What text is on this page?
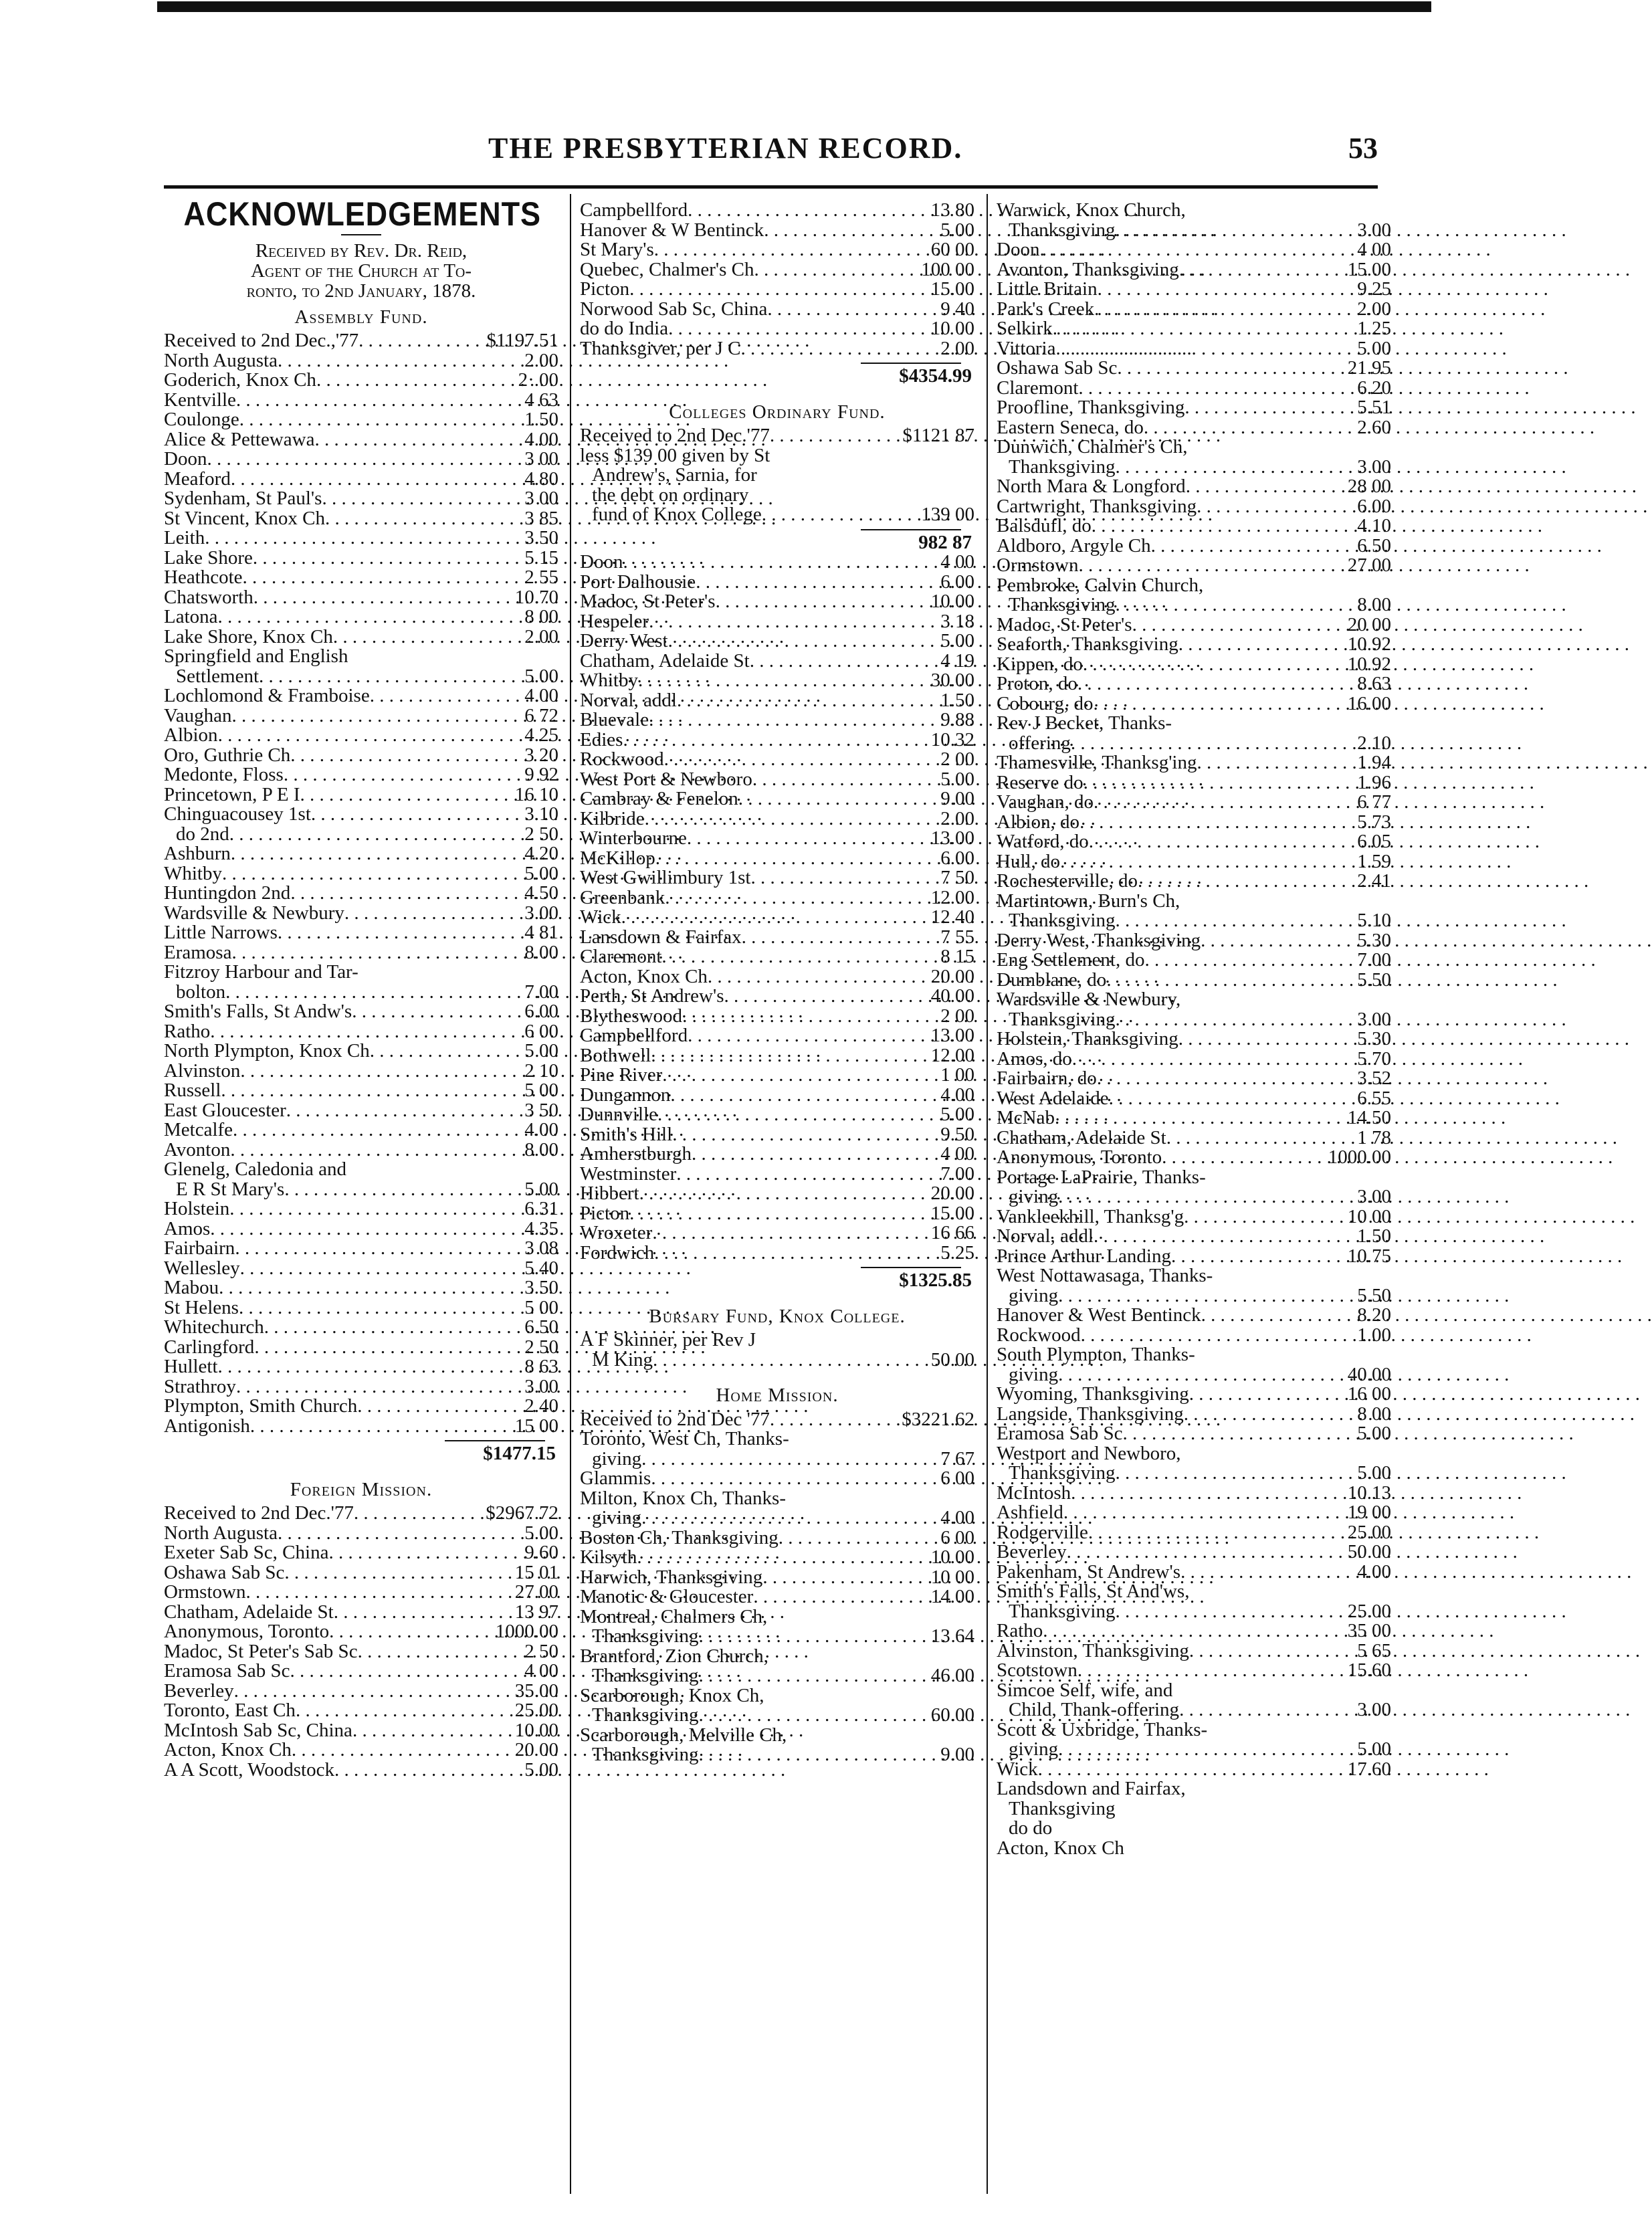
THE PRESBYTERIAN RECORD.	53
ACKNOWLEDGEMENTS
Received by Rev. Dr. Reid,
Agent of the Church at To-
ronto, to 2nd January, 1878.
Assembly Fund.
Received to 2nd Dec.,'77 . . .	$1197.51
North Augusta . . .	2.00
Goderich, Knox Ch . . .	2·.00
Kentville . . .	4 63
Coulonge . . .	1.50
Alice & Pettewawa . . .	4.00
Doon . . .	3 00
Meaford . . .	4.80
Sydenham, St Paul's . . .	3 00
St Vincent, Knox Ch . . .	3 85
Leith . . .	3.50
Lake Shore . . .	5 15
Heathcote . . .	2 55
Chatsworth . . .	10.70
Latona . . .	8 00
Lake Shore, Knox Ch . . .	2.00
Springfield and English
Settlement . . .	5.00
Lochlomond & Framboise . . .	4.00
Vaughan . . .	6 72
Albion . . .	4.25
Oro, Guthrie Ch . . .	3 20
Medonte, Floss . . .	9 92
Princetown, P E I . . .	16 10
Chinguacousey 1st . . .	3.10
do 2nd . . .	2 50
Ashburn . . .	4.20
Whitby . . .	5.00
Huntingdon 2nd . . .	4.50
Wardsville & Newbury . . .	3.00
Little Narrows . . .	4 81
Eramosa . . .	8.00
Fitzroy Harbour and Tar-
bolton . . .	7.00
Smith's Falls, St Andw's . . .	6.00
Ratho . . .	6 00
North Plympton, Knox Ch . . .	5 00
Alvinston . . .	2 10
Russell . . .	5 00
East Gloucester . . .	3 50
Metcalfe . . .	4.00
Avonton . . .	8.00
Glenelg, Caledonia and
E R St Mary's . . .	5.00
Holstein . . .	6.31
Amos . . .	4.35
Fairbairn . . .	3 08
Wellesley . . .	5.40
Mabou . . .	3.50
St Helens . . .	5 00
Whitechurch . . .	6.50
Carlingford . . .	2 50
Hullett . . .	8 63
Strathroy . . .	3.00
Plympton, Smith Church . . .	2.40
Antigonish . . .	15 00
$1477.15
Foreign Mission.
Received to 2nd Dec.'77 . . .	$2967.72
North Augusta . . .	5.00
Exeter Sab Sc, China . . .	9.60
Oshawa Sab Sc . . .	15 01
Ormstown . . .	27.00
Chatham, Adelaide St . . .	13 97
Anonymous, Toronto . . .	1000.00
Madoc, St Peter's Sab Sc . . .	2 50
Eramosa Sab Sc . . .	4 00
Beverley . . .	35.00
Toronto, East Ch . . .	25.00
McIntosh Sab Sc, China . . .	10.00
Acton, Knox Ch . . .	20 00
A A Scott, Woodstock . . .	5.00
Campbellford . . .	13 80
Hanover & W Bentinck . . .	5.00
St Mary's . . .	60 00
Quebec, Chalmer's Ch . . .	100 00
Picton . . .	15.00
Norwood Sab Sc, China . . .	9 40
do do India . . .	10 00
Thanksgiver, per J C . . .	2.00
$4354.99
Colleges Ordinary Fund.
Received to 2nd Dec.'77 . . .	$1121 87
less $139 00 given by St
Andrew's, Sarnia, for
the debt on ordinary
fund of Knox College . . .	139 00
982 87
Doon . . .	4 00
Port Dalhousie . . .	6.00
Madoc, St Peter's . . .	10.00
Hespeler . . .	3 18
Derry West . . .	5.00
Chatham, Adelaide St . . .	4 19
Whitby . . .	30.00
Norval, addl . . .	1.50
Bluevale . . .	9.88
Edies . . .	10.32
Rockwood . . .	2 00
West Port & Newboro . . .	5.00
Cambray & Fenelon . . .	9.00
Kilbride . . .	2.00
Winterbourne . . .	13.00
McKillop . . .	6.00
West Gwillimbury 1st . . .	7 50
Greenbank . . .	12.00
Wick . . .	12 40
Lansdown & Fairfax . . .	7 55
Claremont . . .	8 15
Acton, Knox Ch . . .	20.00
Perth, St Andrew's . . .	40.00
Blytheswood . . .	2 00
Campbellford . . .	13.00
Bothwell . . .	12.00
Pine River . . .	1 00
Dungannon . . .	4.00
Dunnville . . .	5.00
Smith's Hill . . .	9.50
Amherstburgh . . .	4 00
Westminster . . .	7.00
Hibbert . . .	20.00
Picton . . .	15.00
Wroxeter . . .	16 66
Fordwich . . .	5.25
$1325.85
Bursary Fund, Knox College.
A F Skinner, per Rev J
M King . . .	50.00
Home Mission.
Received to 2nd Dec '77 . . .	$3221.62
Toronto, West Ch, Thanks-
giving . . .	7 67
Glammis . . .	6 00
Milton, Knox Ch, Thanks-
giving . . .	4.00
Boston Ch, Thanksgiving . . .	6 00
Kilsyth . . .	10.00
Harwich, Thanksgiving . . .	10 00
Manotic & Gloucester . . .	14.00
Montreal, Chalmers Ch,
Thanksgiving . . .	13 64
Brantford, Zion Church,
Thanksgiving . . .	46 00
Scarborough, Knox Ch,
Thanksgiving . . .	60.00
Scarborough, Melville Ch,
Thanksgiving . . .	9.00
Warwick, Knox Church,
Thanksgiving . . .	3.00
Doon . . .	4 00
Avonton, Thanksgiving . . .	15.00
Little Britain . . .	9.25
Park's Creek . . .	2.00
Selkirk . . .	1.25
Vittoria . . .	5 00
Oshawa Sab Sc . . .	21.95
Claremont . . .	6.20
Proofline, Thanksgiving . . .	5.51
Eastern Seneca, do . . .	2.60
Dunwich, Chalmer's Ch,
Thanksgiving . . .	3 00
North Mara & Longford . . .	28 00
Cartwright, Thanksgiving . . .	6.00
Balsdufl, do . . .	4.10
Aldboro, Argyle Ch . . .	6.50
Ormstown . . .	27.00
Pembroke, Calvin Church,
Thanksgiving . . .	8.00
Madoc, St Peter's . . .	20 00
Seaforth, Thanksgiving . . .	10.92
Kippen, do . . .	10.92
Proton, do . . .	8.63
Cobourg, do . . .	16.00
Rev J Becket, Thanks-
offering . . .	2.10
Thamesville, Thanksg'ing . . .	1.94
Reserve do . . .	1.96
Vaughan, do . . .	6 77
Albion, do . . .	5.73
Watford, do . . .	6.05
Hull, do . . .	1.59
Rochesterville, do . . .	2.41
Martintown, Burn's Ch,
Thanksgiving . . .	5.10
Derry West, Thanksgiving . . .	5.30
Eng Settlement, do . . .	7.00
Dumblane, do . . .	5.50
Wardsville & Newbury,
Thanksgiving . . .	3 00
Holstein, Thanksgiving . . .	5.30
Amos, do . . .	5.70
Fairbairn, do . . .	3.52
West Adelaide . . .	6.55
McNab . . .	14.50
Chatham, Adelaide St . . .	1 78
Anonymous, Toronto . . .	1000.00
Portage LaPrairie, Thanks-
giving . . .	3.00
Vankleekhill, Thanksg'g . . .	10 00
Norval, addl . . .	1.50
Prince Arthur Landing . . .	10.75
West Nottawasaga, Thanks-
giving . . .	5.50
Hanover & West Bentinck . . .	8.20
Rockwood . . .	1.00
South Plympton, Thanks-
giving . . .	40.00
Wyoming, Thanksgiving . . .	16 00
Langside, Thanksgiving . . .	8 00
Eramosa Sab Sc . . .	5.00
Westport and Newboro,
Thanksgiving . . .	5.00
McIntosh . . .	10.13
Ashfield . . .	19 00
Rodgerville . . .	25.00
Beverley . . .	50 00
Pakenham, St Andrew's . . .	4.00
Smith's Falls, St And'ws,
Thanksgiving . . .	25.00
Ratho . . .	35 00
Alvinston, Thanksgiving . . .	5 65
Scotstown . . .	15.60
Simcoe Self, wife, and
Child, Thank-offering . . .	3.00
Scott & Uxbridge, Thanks-
giving . . .	5.00
Wick . . .	17.60
Landsdown and Fairfax,
Thanksgiving
do do
Acton, Knox Ch
